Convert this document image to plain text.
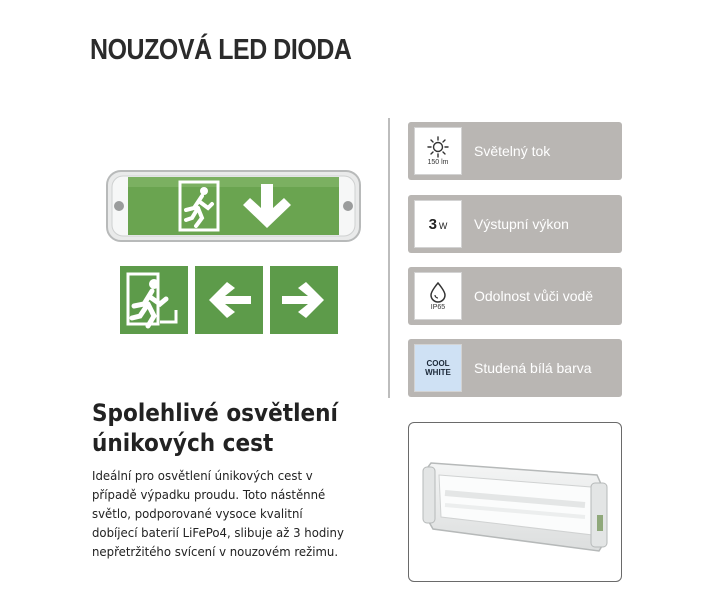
NOUZOVÁ LED DIODA
150 lm
Světelný tok
3 W Výstupní výkon
IP65
Odolnost vůči vodě
COOL
WHITE Studená bílá barva
Spolehlivé osvětlení
únikových cest
Ideální pro osvětlení únikových cest v
případě výpadku proudu. Toto nástěnné
světlo, podporované vysoce kvalitní
dobíjecí baterií LiFePo4, slibuje až 3 hodiny
nepřetržitého svícení v nouzovém režimu.
